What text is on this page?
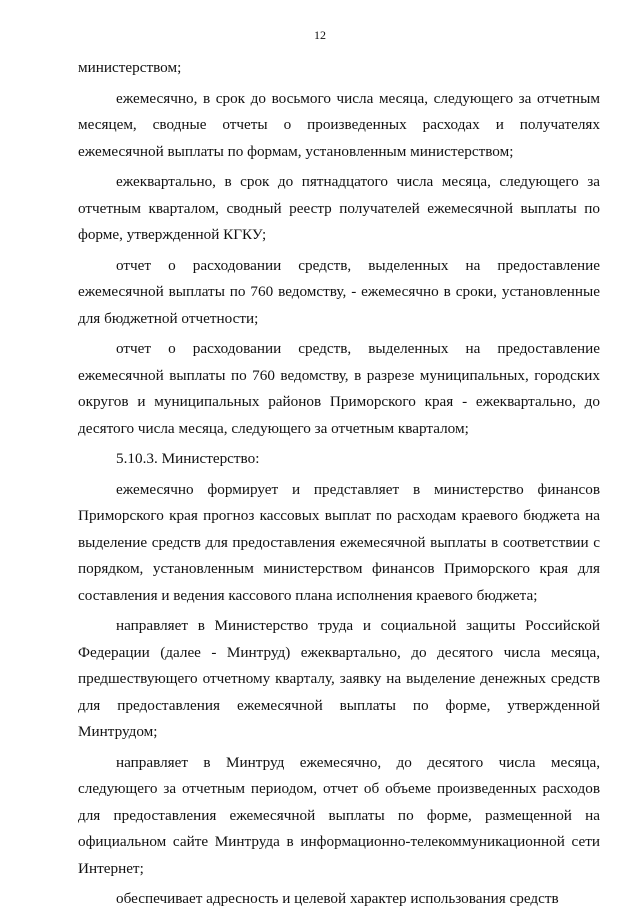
12

министерством;

ежемесячно, в срок до восьмого числа месяца, следующего за отчетным месяцем, сводные отчеты о произведенных расходах и получателях ежемесячной выплаты по формам, установленным министерством;

ежеквартально, в срок до пятнадцатого числа месяца, следующего за отчетным кварталом, сводный реестр получателей ежемесячной выплаты по форме, утвержденной КГКУ;

отчет о расходовании средств, выделенных на предоставление ежемесячной выплаты по 760 ведомству, - ежемесячно в сроки, установленные для бюджетной отчетности;

отчет о расходовании средств, выделенных на предоставление ежемесячной выплаты по 760 ведомству, в разрезе муниципальных, городских округов и муниципальных районов Приморского края - ежеквартально, до десятого числа месяца, следующего за отчетным кварталом;

5.10.3. Министерство:

ежемесячно формирует и представляет в министерство финансов Приморского края прогноз кассовых выплат по расходам краевого бюджета на выделение средств для предоставления ежемесячной выплаты в соответствии с порядком, установленным министерством финансов Приморского края для составления и ведения кассового плана исполнения краевого бюджета;

направляет в Министерство труда и социальной защиты Российской Федерации (далее - Минтруд) ежеквартально, до десятого числа месяца, предшествующего отчетному кварталу, заявку на выделение денежных средств для предоставления ежемесячной выплаты по форме, утвержденной Минтрудом;

направляет в Минтруд ежемесячно, до десятого числа месяца, следующего за отчетным периодом, отчет об объеме произведенных расходов для предоставления ежемесячной выплаты по форме, размещенной на официальном сайте Минтруда в информационно-телекоммуникационной сети Интернет;

обеспечивает адресность и целевой характер использования средств
